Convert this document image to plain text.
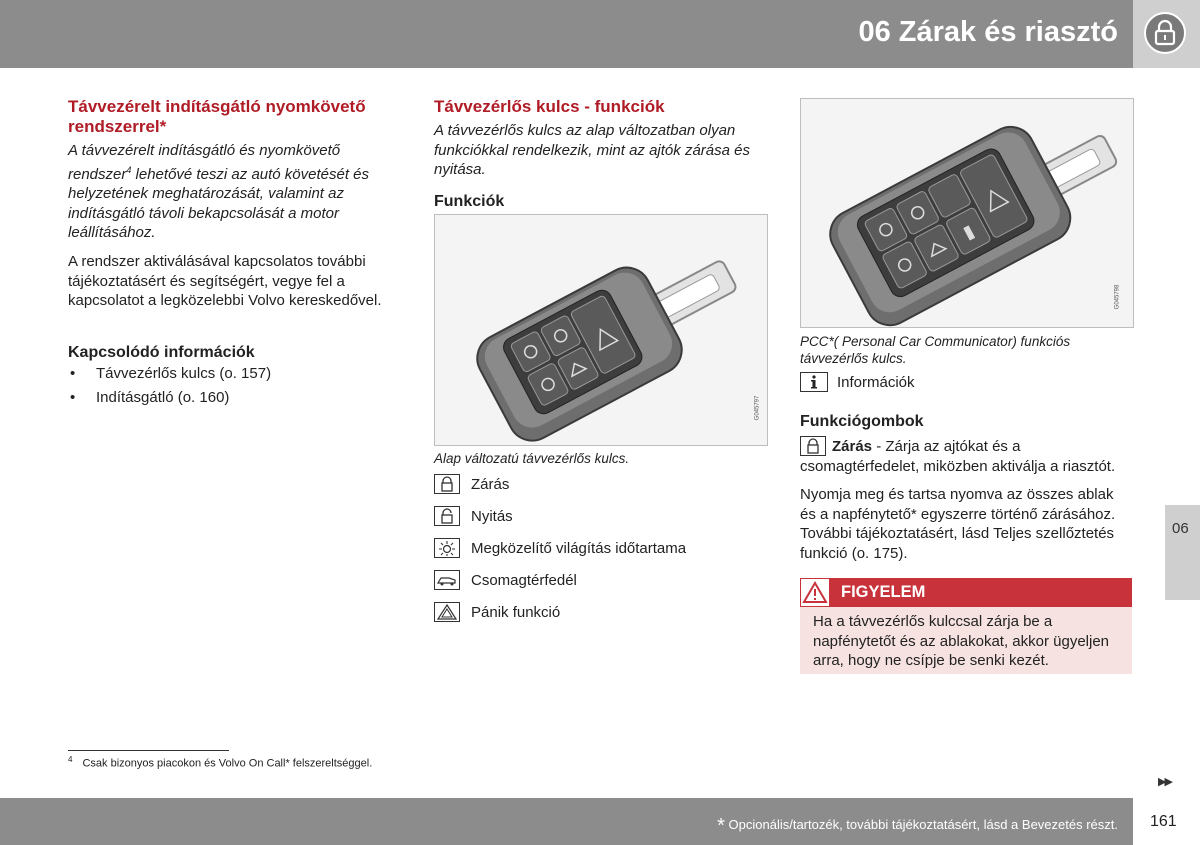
06 Zárak és riasztó
Távvezérelt indításgátló nyomkövető rendszerrel*
A távvezérelt indításgátló és nyomkövető rendszer$^4$ lehetővé teszi az autó követését és helyzetének meghatározását, valamint az indításgátló távoli bekapcsolását a motor leállításához.
A rendszer aktiválásával kapcsolatos további tájékoztatásért és segítségért, vegye fel a kapcsolatot a legközelebbi Volvo kereskedővel.
Kapcsolódó információk
• Távvezérlős kulcs (o. 157)
• Indításgátló (o. 160)
Távvezérlős kulcs - funkciók
A távvezérlős kulcs az alap változatban olyan funkciókkal rendelkezik, mint az ajtók zárása és nyitása.
Funkciók
G045797
Alap változatú távvezérlős kulcs.
Zárás
Nyitás
Megközelítő világítás időtartama
Csomagtérfedél
Pánik funkció
G045798
PCC*( Personal Car Communicator) funkciós távvezérlős kulcs.
Információk
Funkciógombok
Zárás - Zárja az ajtókat és a csomagtérfedelet, miközben aktiválja a riasztót.
Nyomja meg és tartsa nyomva az összes ablak és a napfénytető* egyszerre történő zárásához. További tájékoztatásért, lásd Teljes szellőztetés funkció (o. 175).
FIGYELEM
Ha a távvezérlős kulccsal zárja be a napfénytetőt és az ablakokat, akkor ügyeljen arra, hogy ne csípje be senki kezét.
06
$^4$ Csak bizonyos piacokon és Volvo On Call* felszereltséggel.
▶▶
* Opcionális/tartozék, további tájékoztatásért, lásd a Bevezetés részt. 161
